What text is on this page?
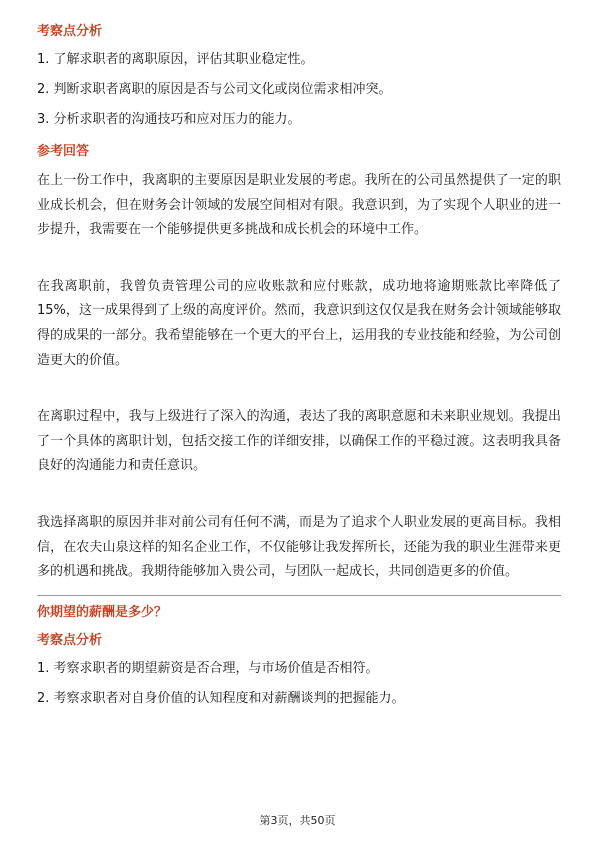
考察点分析
1. 了解求职者的离职原因，评估其职业稳定性。
2. 判断求职者离职的原因是否与公司文化或岗位需求相冲突。
3. 分析求职者的沟通技巧和应对压力的能力。
参考回答

在上一份工作中，我离职的主要原因是职业发展的考虑。我所在的公司虽然提供了一定的职业成长机会，但在财务会计领域的发展空间相对有限。我意识到，为了实现个人职业的进一步提升，我需要在一个能够提供更多挑战和成长机会的环境中工作。

在我离职前，我曾负责管理公司的应收账款和应付账款，成功地将逾期账款比率降低了15%，这一成果得到了上级的高度评价。然而，我意识到这仅仅是我在财务会计领域能够取得的成果的一部分。我希望能够在一个更大的平台上，运用我的专业技能和经验，为公司创造更大的价值。

在离职过程中，我与上级进行了深入的沟通，表达了我的离职意愿和未来职业规划。我提出了一个具体的离职计划，包括交接工作的详细安排，以确保工作的平稳过渡。这表明我具备良好的沟通能力和责任意识。

我选择离职的原因并非对前公司有任何不满，而是为了追求个人职业发展的更高目标。我相信，在农夫山泉这样的知名企业工作，不仅能够让我发挥所长，还能为我的职业生涯带来更多的机遇和挑战。我期待能够加入贵公司，与团队一起成长，共同创造更多的价值。

你期望的薪酬是多少？
考察点分析
1. 考察求职者的期望薪资是否合理，与市场价值是否相符。
2. 考察求职者对自身价值的认知程度和对薪酬谈判的把握能力。
第3页，共50页
